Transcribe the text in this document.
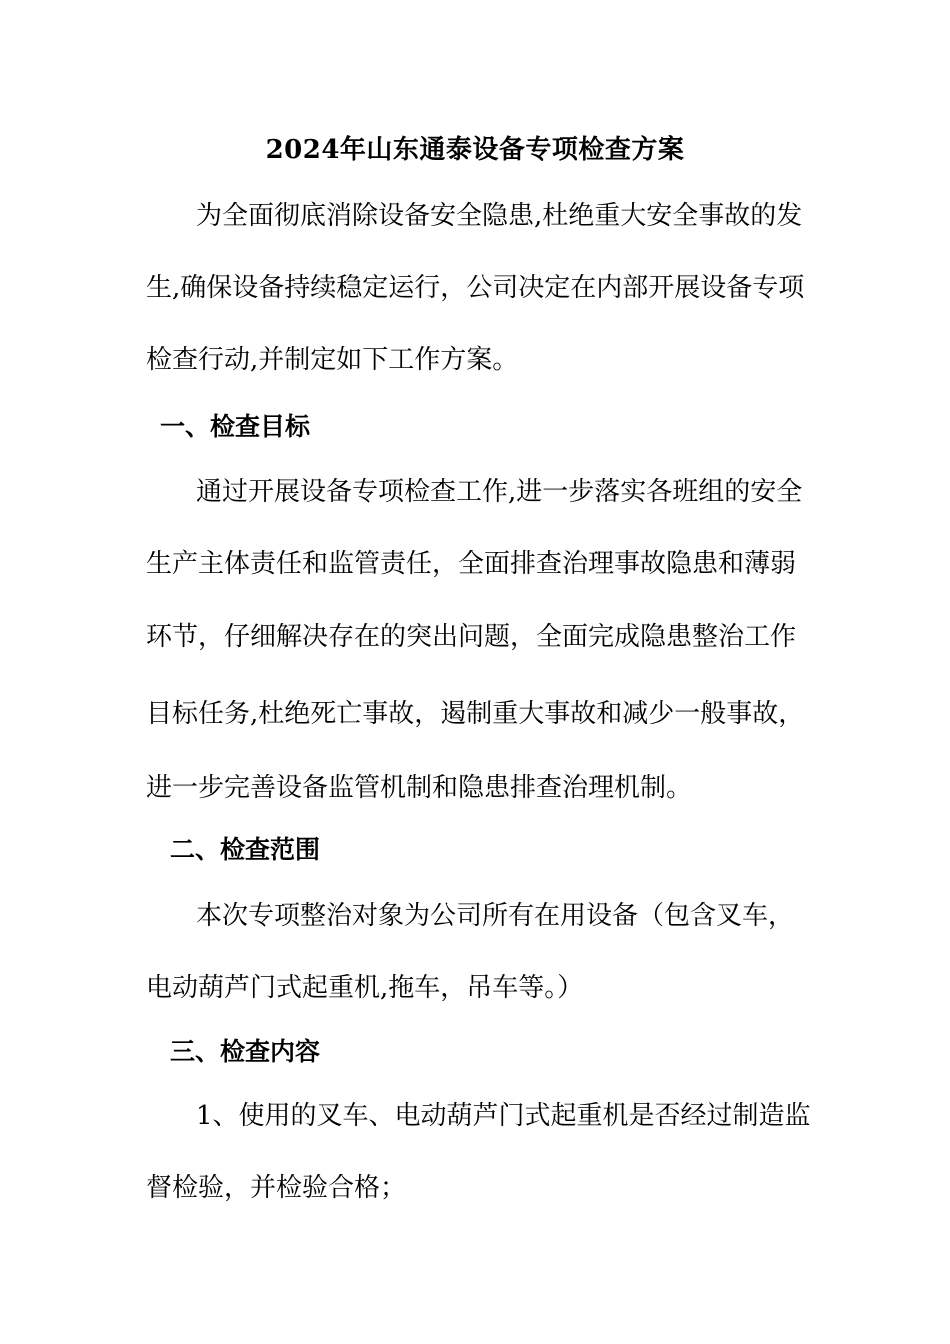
2024年山东通泰设备专项检查方案
为全面彻底消除设备安全隐患,杜绝重大安全事故的发
生,确保设备持续稳定运行，公司决定在内部开展设备专项
检查行动,并制定如下工作方案。
一、检查目标
通过开展设备专项检查工作,进一步落实各班组的安全
生产主体责任和监管责任，全面排查治理事故隐患和薄弱
环节，仔细解决存在的突出问题，全面完成隐患整治工作
目标任务,杜绝死亡事故，遏制重大事故和减少一般事故，
进一步完善设备监管机制和隐患排查治理机制。
二、检查范围
本次专项整治对象为公司所有在用设备（包含叉车，
电动葫芦门式起重机,拖车，吊车等。）
三、检查内容
1、使用的叉车、电动葫芦门式起重机是否经过制造监
督检验，并检验合格；
